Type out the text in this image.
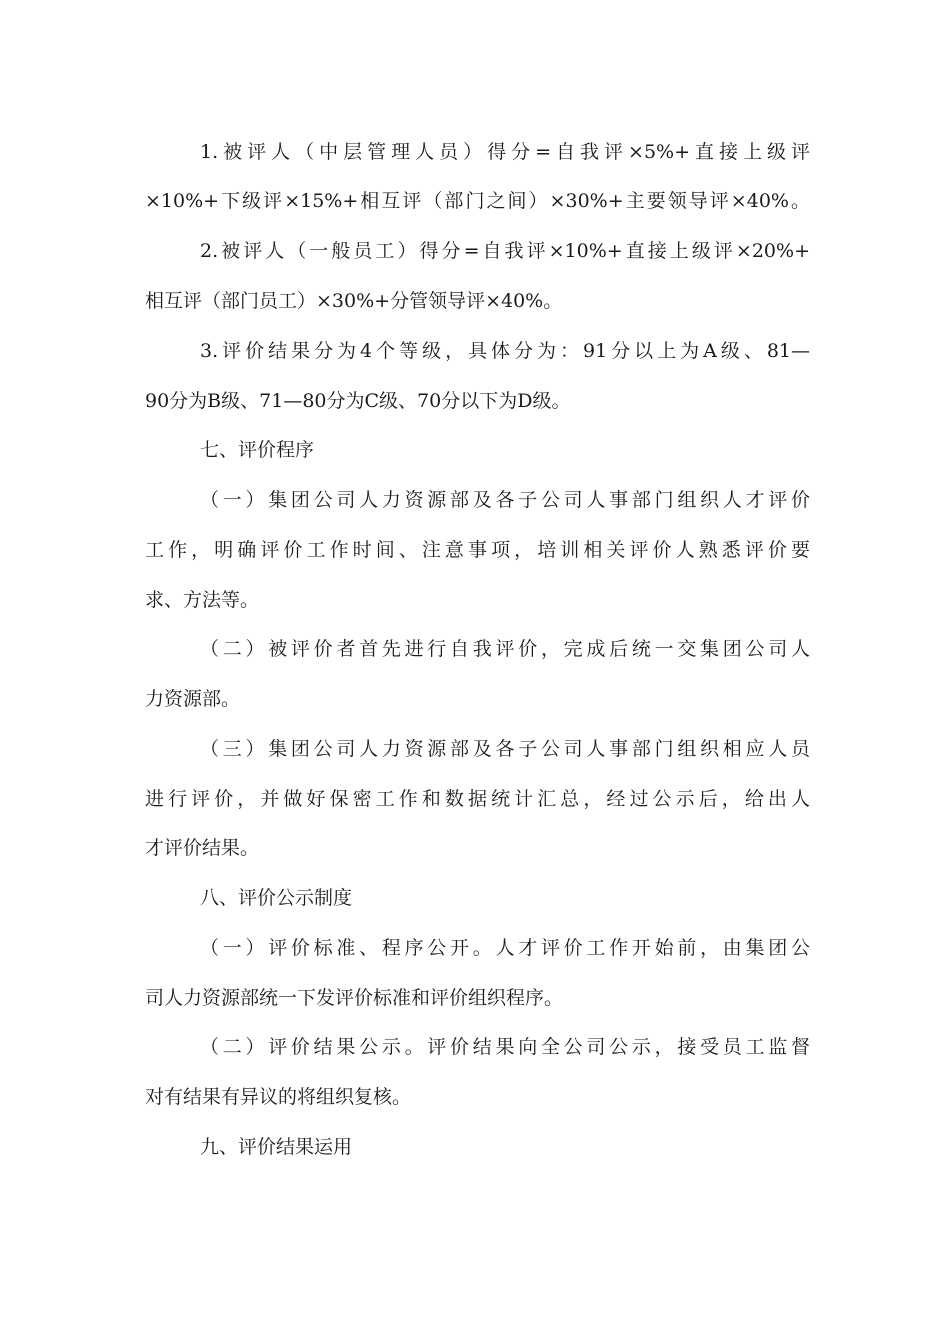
1.被评人（中层管理人员）得分=自我评×5%+直接上级评
×10%+下级评×15%+相互评（部门之间）×30%+主要领导评×40%。
2.被评人（一般员工）得分=自我评×10%+直接上级评×20%+
相互评（部门员工）×30%+分管领导评×40%。
3.评价结果分为4个等级，具体分为：91分以上为A级、81—
90分为B级、71—80分为C级、70分以下为D级。
七、评价程序
（一）集团公司人力资源部及各子公司人事部门组织人才评价
工作，明确评价工作时间、注意事项，培训相关评价人熟悉评价要
求、方法等。
（二）被评价者首先进行自我评价，完成后统一交集团公司人
力资源部。
（三）集团公司人力资源部及各子公司人事部门组织相应人员
进行评价，并做好保密工作和数据统计汇总，经过公示后，给出人
才评价结果。
八、评价公示制度
（一）评价标准、程序公开。人才评价工作开始前，由集团公
司人力资源部统一下发评价标准和评价组织程序。
（二）评价结果公示。评价结果向全公司公示，接受员工监督
对有结果有异议的将组织复核。
九、评价结果运用
